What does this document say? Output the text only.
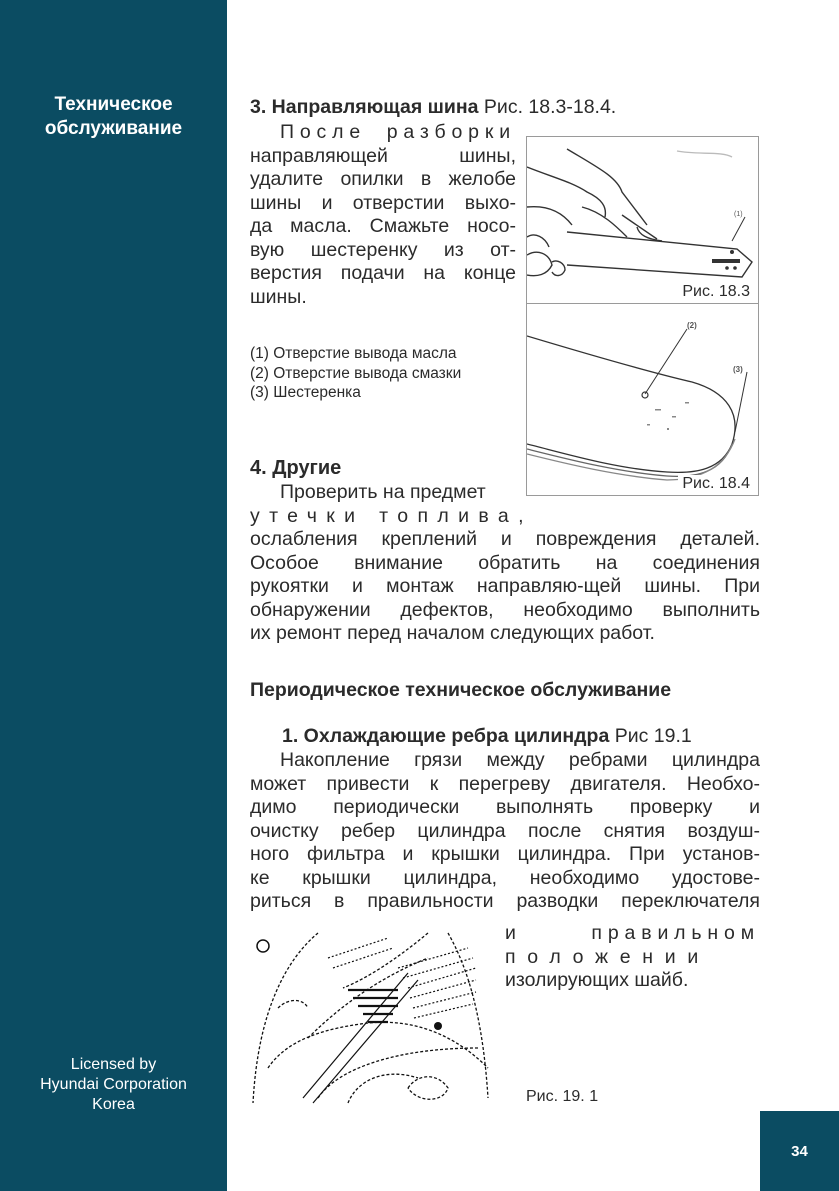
Техническое
обслуживание
Licensed by
Hyundai Corporation
Korea
34
3. Направляющая шина Рис. 18.3-18.4.
После разборки
направляющей шины,
удалите опилки в желобе
шины и отверстии выхо-
да масла. Смажьте носо-
вую шестеренку из от-
верстия подачи на конце
шины.
(1) Отверстие вывода масла
(2) Отверстие вывода смазки
(3) Шестеренка
(1)
Рис. 18.3
(2)
(3)
Рис. 18.4
4. Другие
Проверить на предмет
утечки топлива,
ослабления креплений и повреждения деталей.
Особое внимание обратить на соединения
рукоятки и монтаж направляю-щей шины. При
обнаружении дефектов, необходимо выполнить
их ремонт перед началом следующих работ.
Периодическое техническое обслуживание
1. Охлаждающие ребра цилиндра Рис 19.1
Накопление грязи между ребрами цилиндра
может привести к перегреву двигателя. Необхо-
димо периодически выполнять проверку и
очистку ребер цилиндра после снятия воздуш-
ного фильтра и крышки цилиндра. При установ-
ке крышки цилиндра, необходимо удостове-
риться в правильности разводки переключателя
и правильном
положении
изолирующих шайб.
Рис. 19. 1
